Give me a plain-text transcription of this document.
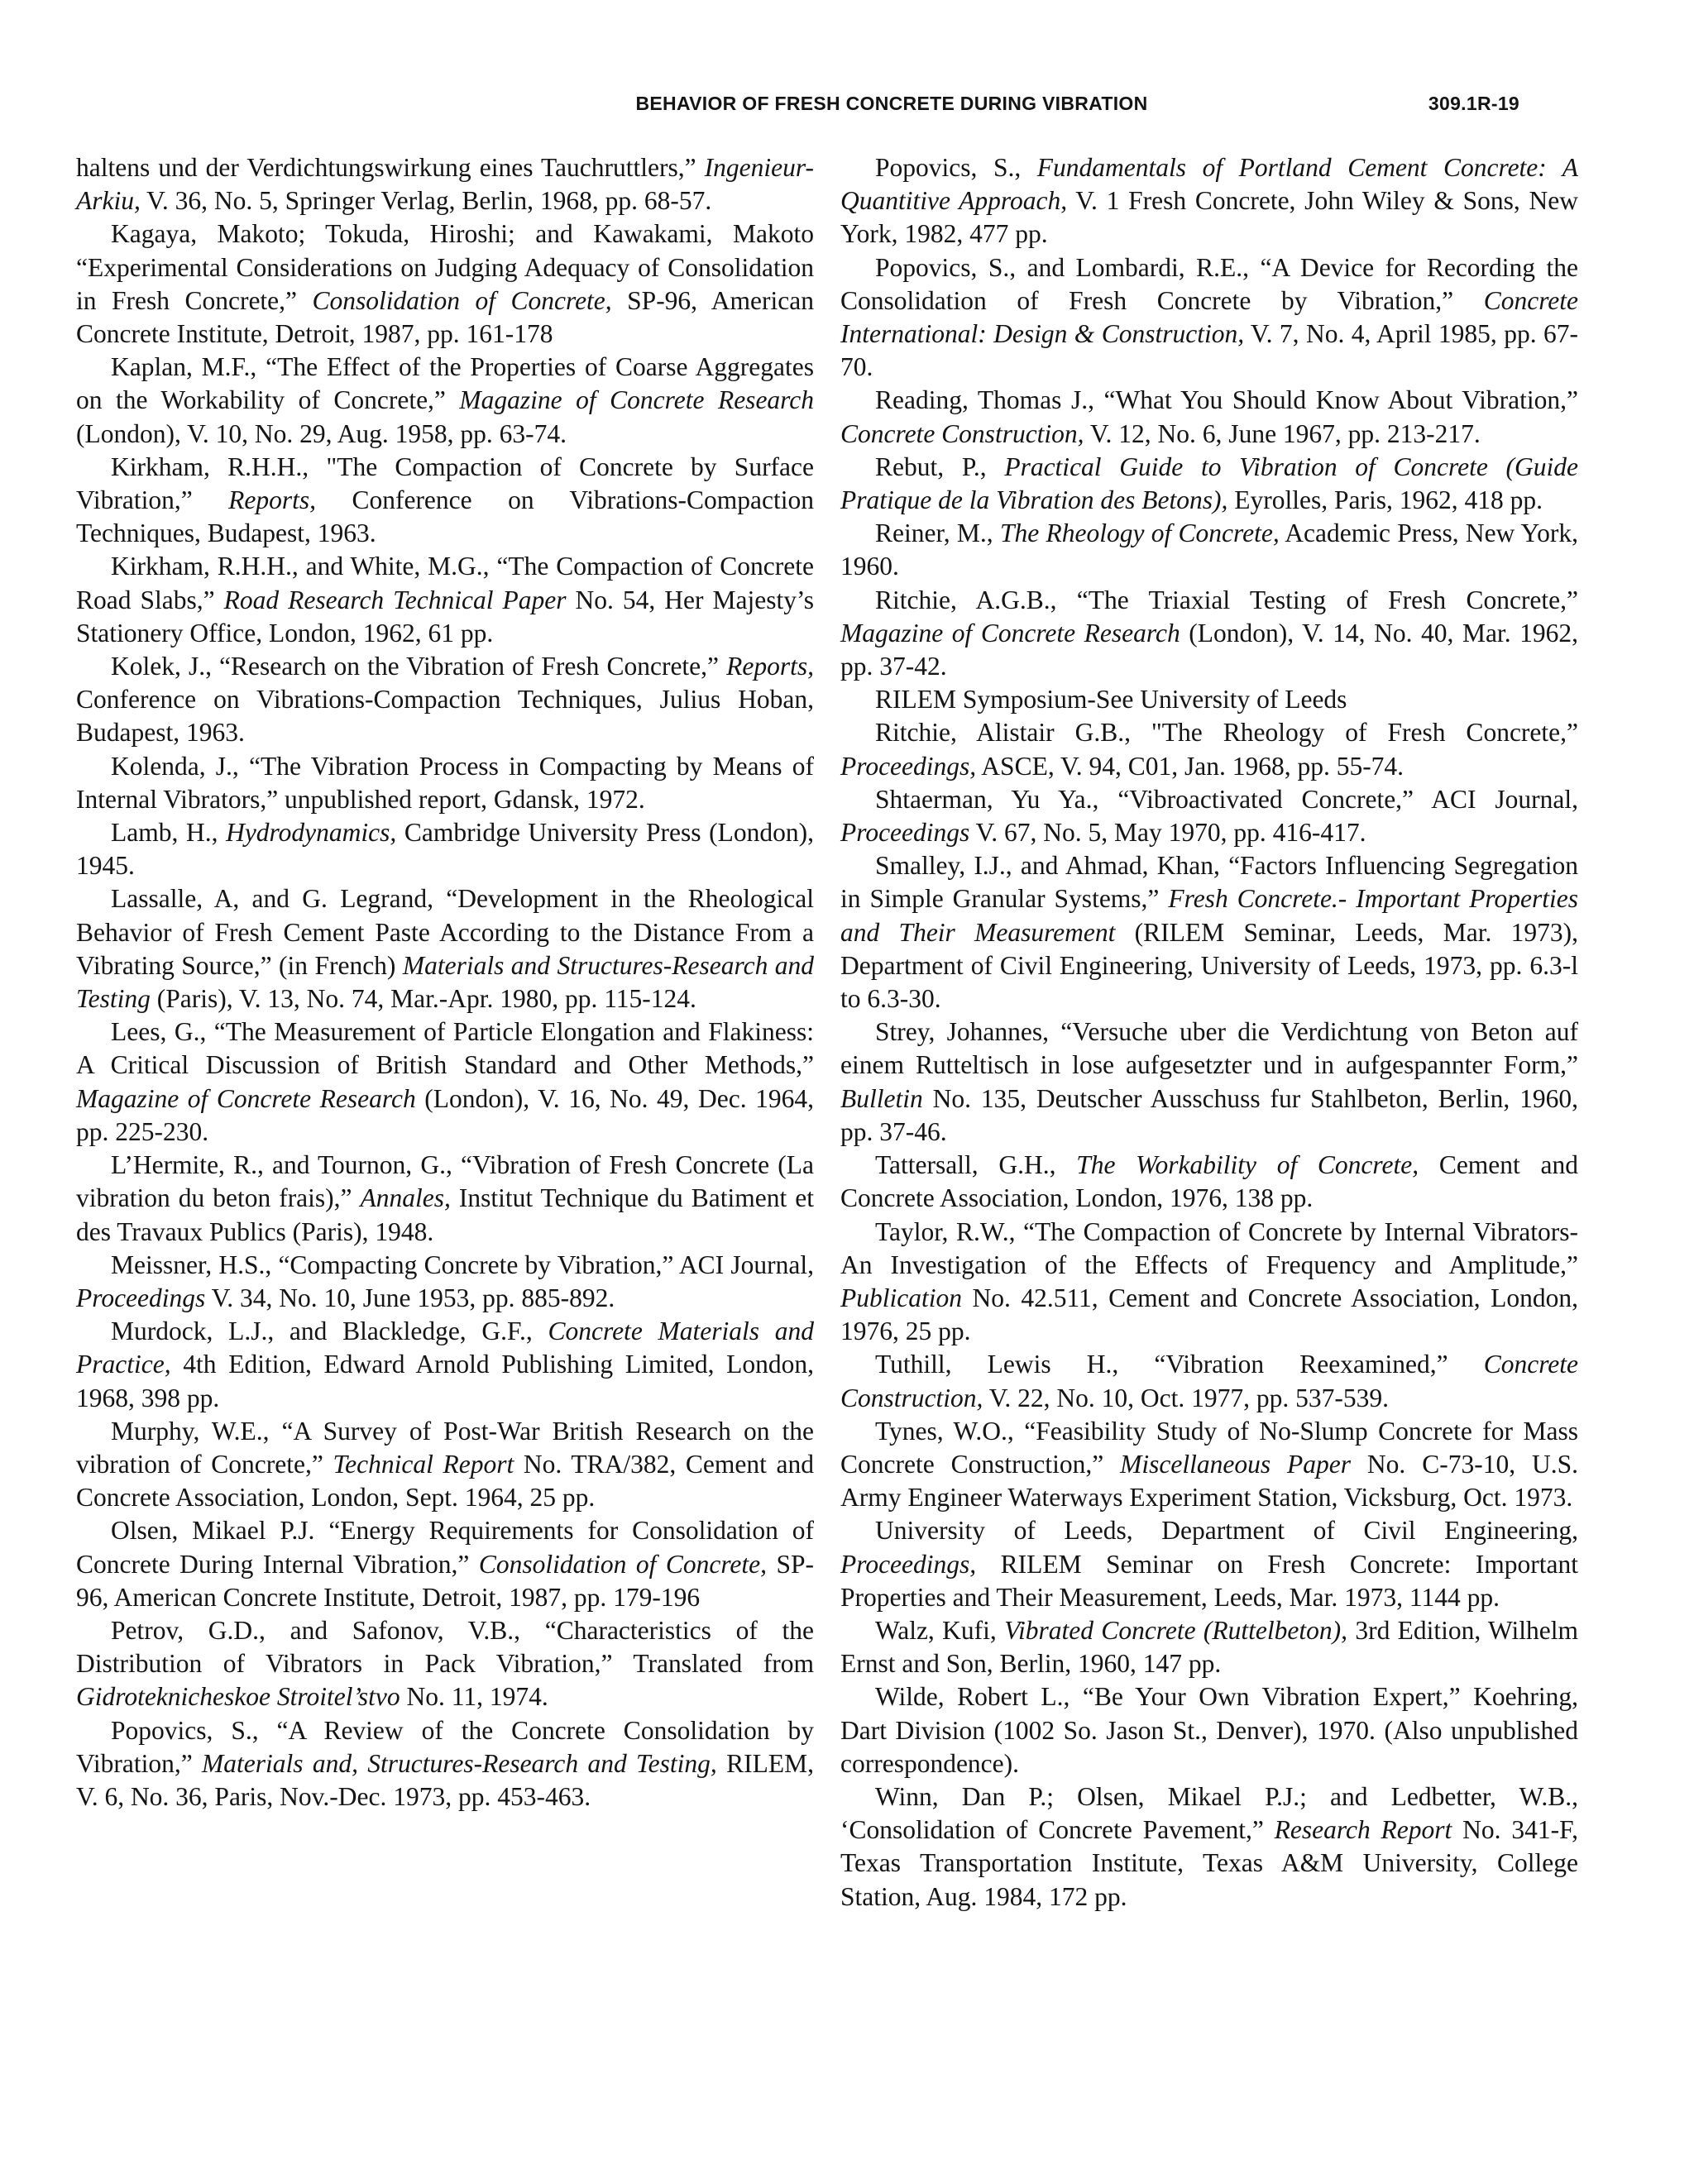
BEHAVIOR OF FRESH CONCRETE DURING VIBRATION	309.1R-19

haltens und der Verdichtungswirkung eines Tauchruttlers,” Ingenieur-Arkiu, V. 36, No. 5, Springer Verlag, Berlin, 1968, pp. 68-57.

Kagaya, Makoto; Tokuda, Hiroshi; and Kawakami, Makoto “Experimental Considerations on Judging Adequacy of Consolidation in Fresh Concrete,” Consolidation of Concrete, SP-96, American Concrete Institute, Detroit, 1987, pp. 161-178

Kaplan, M.F., “The Effect of the Properties of Coarse Aggregates on the Workability of Concrete,” Magazine of Concrete Research (London), V. 10, No. 29, Aug. 1958, pp. 63-74.

Kirkham, R.H.H., "The Compaction of Concrete by Surface Vibration,” Reports, Conference on Vibrations-Compaction Techniques, Budapest, 1963.

Kirkham, R.H.H., and White, M.G., “The Compaction of Concrete Road Slabs,” Road Research Technical Paper No. 54, Her Majesty’s Stationery Office, London, 1962, 61 pp.

Kolek, J., “Research on the Vibration of Fresh Concrete,” Reports, Conference on Vibrations-Compaction Techniques, Julius Hoban, Budapest, 1963.

Kolenda, J., “The Vibration Process in Compacting by Means of Internal Vibrators,” unpublished report, Gdansk, 1972.

Lamb, H., Hydrodynamics, Cambridge University Press (London), 1945.

Lassalle, A, and G. Legrand, “Development in the Rheological Behavior of Fresh Cement Paste According to the Distance From a Vibrating Source,” (in French) Materials and Structures-Research and Testing (Paris), V. 13, No. 74, Mar.-Apr. 1980, pp. 115-124.

Lees, G., “The Measurement of Particle Elongation and Flakiness: A Critical Discussion of British Standard and Other Methods,” Magazine of Concrete Research (London), V. 16, No. 49, Dec. 1964, pp. 225-230.

L’Hermite, R., and Tournon, G., “Vibration of Fresh Concrete (La vibration du beton frais),” Annales, Institut Technique du Batiment et des Travaux Publics (Paris), 1948.

Meissner, H.S., “Compacting Concrete by Vibration,” ACI Journal, Proceedings V. 34, No. 10, June 1953, pp. 885-892.

Murdock, L.J., and Blackledge, G.F., Concrete Materials and Practice, 4th Edition, Edward Arnold Publishing Limited, London, 1968, 398 pp.

Murphy, W.E., “A Survey of Post-War British Research on the vibration of Concrete,” Technical Report No. TRA/382, Cement and Concrete Association, London, Sept. 1964, 25 pp.

Olsen, Mikael P.J. “Energy Requirements for Consolidation of Concrete During Internal Vibration,” Consolidation of Concrete, SP-96, American Concrete Institute, Detroit, 1987, pp. 179-196

Petrov, G.D., and Safonov, V.B., “Characteristics of the Distribution of Vibrators in Pack Vibration,” Translated from Gidroteknicheskoe Stroitel’stvo No. 11, 1974.

Popovics, S., “A Review of the Concrete Consolidation by Vibration,” Materials and, Structures-Research and Testing, RILEM, V. 6, No. 36, Paris, Nov.-Dec. 1973, pp. 453-463.

Popovics, S., Fundamentals of Portland Cement Concrete: A Quantitive Approach, V. 1 Fresh Concrete, John Wiley & Sons, New York, 1982, 477 pp.

Popovics, S., and Lombardi, R.E., “A Device for Recording the Consolidation of Fresh Concrete by Vibration,” Concrete International: Design & Construction, V. 7, No. 4, April 1985, pp. 67-70.

Reading, Thomas J., “What You Should Know About Vibration,” Concrete Construction, V. 12, No. 6, June 1967, pp. 213-217.

Rebut, P., Practical Guide to Vibration of Concrete (Guide Pratique de la Vibration des Betons), Eyrolles, Paris, 1962, 418 pp.

Reiner, M., The Rheology of Concrete, Academic Press, New York, 1960.

Ritchie, A.G.B., “The Triaxial Testing of Fresh Concrete,” Magazine of Concrete Research (London), V. 14, No. 40, Mar. 1962, pp. 37-42.

RILEM Symposium-See University of Leeds

Ritchie, Alistair G.B., "The Rheology of Fresh Concrete,” Proceedings, ASCE, V. 94, C01, Jan. 1968, pp. 55-74.

Shtaerman, Yu Ya., “Vibroactivated Concrete,” ACI Journal, Proceedings V. 67, No. 5, May 1970, pp. 416-417.

Smalley, I.J., and Ahmad, Khan, “Factors Influencing Segregation in Simple Granular Systems,” Fresh Concrete.- Important Properties and Their Measurement (RILEM Seminar, Leeds, Mar. 1973), Department of Civil Engineering, University of Leeds, 1973, pp. 6.3-l to 6.3-30.

Strey, Johannes, “Versuche uber die Verdichtung von Beton auf einem Rutteltisch in lose aufgesetzter und in aufgespannter Form,” Bulletin No. 135, Deutscher Ausschuss fur Stahlbeton, Berlin, 1960, pp. 37-46.

Tattersall, G.H., The Workability of Concrete, Cement and Concrete Association, London, 1976, 138 pp.

Taylor, R.W., “The Compaction of Concrete by Internal Vibrators-An Investigation of the Effects of Frequency and Amplitude,” Publication No. 42.511, Cement and Concrete Association, London, 1976, 25 pp.

Tuthill, Lewis H., “Vibration Reexamined,” Concrete Construction, V. 22, No. 10, Oct. 1977, pp. 537-539.

Tynes, W.O., “Feasibility Study of No-Slump Concrete for Mass Concrete Construction,” Miscellaneous Paper No. C-73-10, U.S. Army Engineer Waterways Experiment Station, Vicksburg, Oct. 1973.

University of Leeds, Department of Civil Engineering, Proceedings, RILEM Seminar on Fresh Concrete: Important Properties and Their Measurement, Leeds, Mar. 1973, 1144 pp.

Walz, Kufi, Vibrated Concrete (Ruttelbeton), 3rd Edition, Wilhelm Ernst and Son, Berlin, 1960, 147 pp.

Wilde, Robert L., “Be Your Own Vibration Expert,” Koehring, Dart Division (1002 So. Jason St., Denver), 1970. (Also unpublished correspondence).

Winn, Dan P.; Olsen, Mikael P.J.; and Ledbetter, W.B., ‘Consolidation of Concrete Pavement,” Research Report No. 341-F, Texas Transportation Institute, Texas A&M University, College Station, Aug. 1984, 172 pp.
